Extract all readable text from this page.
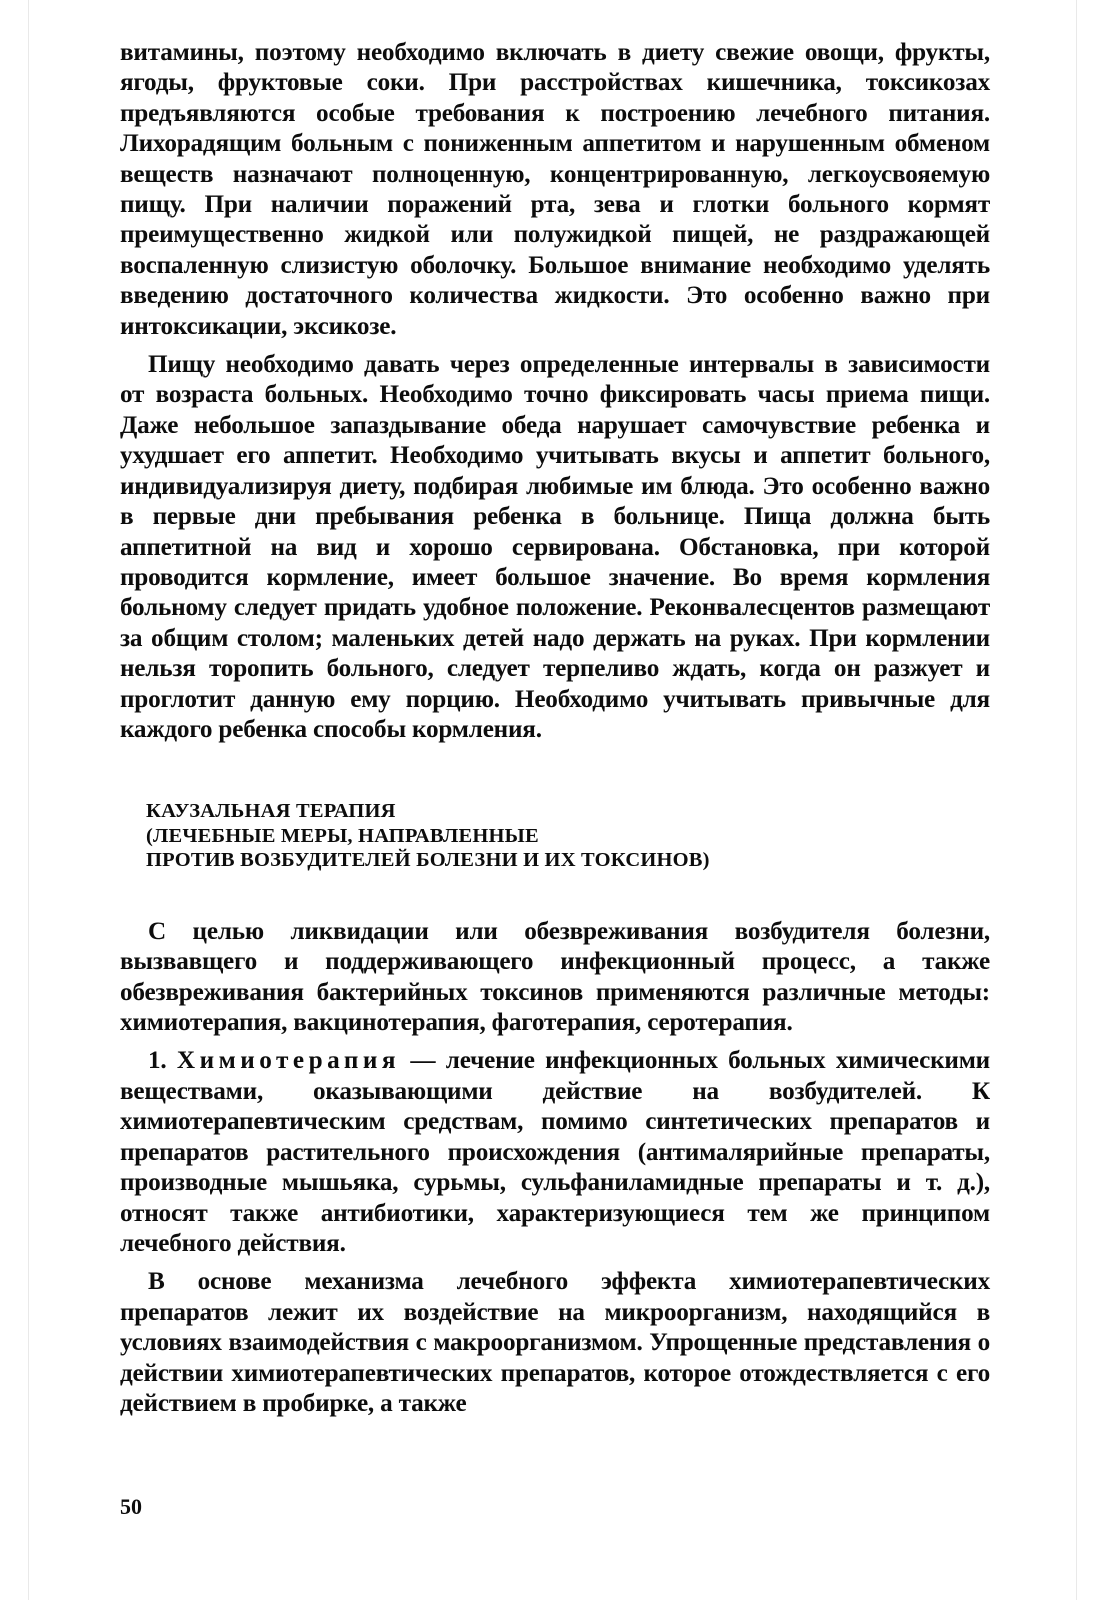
витамины, поэтому необходимо включать в диету свежие овощи, фрукты, ягоды, фруктовые соки. При расстройствах кишечника, токсикозах предъявляются особые требования к построению лечебного питания. Лихорадящим больным с пониженным аппетитом и нарушенным обменом веществ назначают полноценную, концентрированную, легкоусвояемую пищу. При наличии поражений рта, зева и глотки больного кормят преимущественно жидкой или полужидкой пищей, не раздражающей воспаленную слизистую оболочку. Большое внимание необходимо уделять введению достаточного количества жидкости. Это особенно важно при интоксикации, эксикозе.

Пищу необходимо давать через определенные интервалы в зависимости от возраста больных. Необходимо точно фиксировать часы приема пищи. Даже небольшое запаздывание обеда нарушает самочувствие ребенка и ухудшает его аппетит. Необходимо учитывать вкусы и аппетит больного, индивидуализируя диету, подбирая любимые им блюда. Это особенно важно в первые дни пребывания ребенка в больнице. Пища должна быть аппетитной на вид и хорошо сервирована. Обстановка, при которой проводится кормление, имеет большое значение. Во время кормления больному следует придать удобное положение. Реконвалесцентов размещают за общим столом; маленьких детей надо держать на руках. При кормлении нельзя торопить больного, следует терпеливо ждать, когда он разжует и проглотит данную ему порцию. Необходимо учитывать привычные для каждого ребенка способы кормления.

КАУЗАЛЬНАЯ ТЕРАПИЯ
(ЛЕЧЕБНЫЕ МЕРЫ, НАПРАВЛЕННЫЕ
ПРОТИВ ВОЗБУДИТЕЛЕЙ БОЛЕЗНИ И ИХ ТОКСИНОВ)

С целью ликвидации или обезвреживания возбудителя болезни, вызвавщего и поддерживающего инфекционный процесс, а также обезвреживания бактерийных токсинов применяются различные методы: химиотерапия, вакцинотерапия, фаготерапия, серотерапия.

1. Химиотерапия — лечение инфекционных больных химическими веществами, оказывающими действие на возбудителей. К химиотерапевтическим средствам, помимо синтетических препаратов и препаратов растительного происхождения (антималярийные препараты, производные мышьяка, сурьмы, сульфаниламидные препараты и т. д.), относят также антибиотики, характеризующиеся тем же принципом лечебного действия.

В основе механизма лечебного эффекта химиотерапевтических препаратов лежит их воздействие на микроорганизм, находящийся в условиях взаимодействия с макроорганизмом. Упрощенные представления о действии химиотерапевтических препаратов, которое отождествляется с его действием в пробирке, а также

50
